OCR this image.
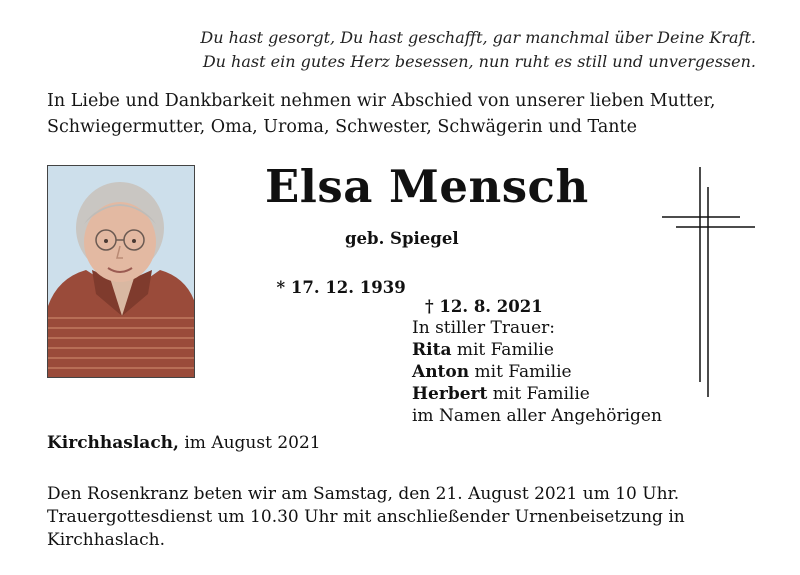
Du hast gesorgt, Du hast geschafft, gar manchmal über Deine Kraft.
Du hast ein gutes Herz besessen, nun ruht es still und unvergessen.
In Liebe und Dankbarkeit nehmen wir Abschied von unserer lieben Mutter,
Schwiegermutter, Oma, Uroma, Schwester, Schwägerin und Tante
Elsa Mensch
geb. Spiegel

* 17. 12. 1939

† 12. 8. 2021

In stiller Trauer:
Rita mit Familie
Anton mit Familie
Herbert mit Familie
im Namen aller Angehörigen
Kirchhaslach, im August 2021
Den Rosenkranz beten wir am Samstag, den 21. August 2021 um 10 Uhr.
Trauergottesdienst um 10.30 Uhr mit anschließender Urnenbeisetzung in
Kirchhaslach.
